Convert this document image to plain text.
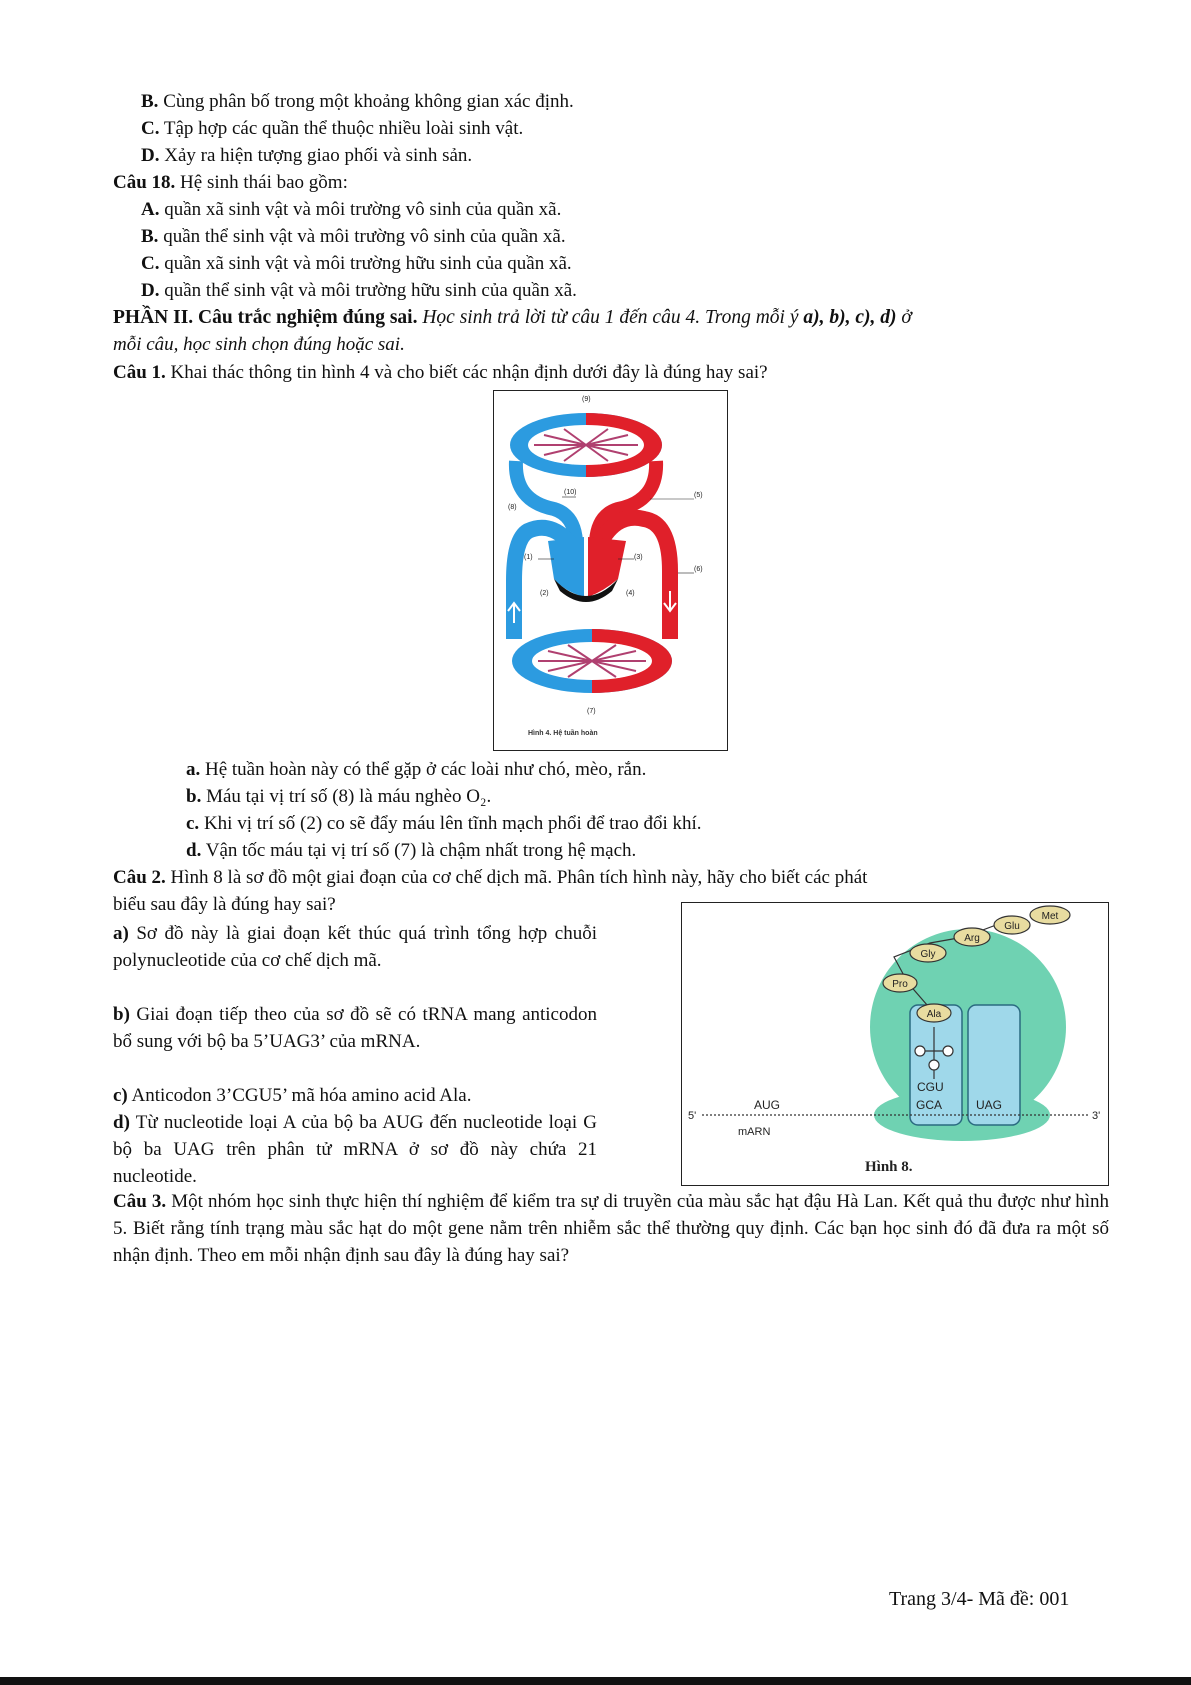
B. Cùng phân bố trong một khoảng không gian xác định.
C. Tập hợp các quần thể thuộc nhiều loài sinh vật.
D. Xảy ra hiện tượng giao phối và sinh sản.
Câu 18. Hệ sinh thái bao gồm:
A. quần xã sinh vật và môi trường vô sinh của quần xã.
B. quần thể sinh vật và môi trường vô sinh của quần xã.
C. quần xã sinh vật và môi trường hữu sinh của quần xã.
D. quần thể sinh vật và môi trường hữu sinh của quần xã.
PHẦN II. Câu trắc nghiệm đúng sai. Học sinh trả lời từ câu 1 đến câu 4. Trong mỗi ý a), b), c), d) ở
mỗi câu, học sinh chọn đúng hoặc sai.
Câu 1. Khai thác thông tin hình 4 và cho biết các nhận định dưới đây là đúng hay sai?
(9)
(10)	(5)
(8)
(1)	(3)
(6)
(2)	(4)
(7)
Hình 4. Hệ tuần hoàn
a. Hệ tuần hoàn này có thể gặp ở các loài như chó, mèo, rắn.
b. Máu tại vị trí số (8) là máu nghèo O₂.
c. Khi vị trí số (2) co sẽ đẩy máu lên tĩnh mạch phổi để trao đổi khí.
d. Vận tốc máu tại vị trí số (7) là chậm nhất trong hệ mạch.
Câu 2. Hình 8 là sơ đồ một giai đoạn của cơ chế dịch mã. Phân tích hình này, hãy cho biết các phát
biểu sau đây là đúng hay sai?
a) Sơ đồ này là giai đoạn kết thúc quá trình tổng hợp chuỗi polynucleotide của cơ chế dịch mã.
b) Giai đoạn tiếp theo của sơ đồ sẽ có tRNA mang anticodon bổ sung với bộ ba 5’UAG3’ của mRNA.
c) Anticodon 3’CGU5’ mã hóa amino acid Ala.
d) Từ nucleotide loại A của bộ ba AUG đến nucleotide loại G bộ ba UAG trên phân tử mRNA ở sơ đồ này chứa 21 nucleotide.
5'	3'
mARN
AUG	GCA
CGU
UAG
Met
Glu
Arg
Gly
Pro
Ala
Hình 8.
Câu 3. Một nhóm học sinh thực hiện thí nghiệm để kiểm tra sự di truyền của màu sắc hạt đậu Hà Lan. Kết quả thu được như hình 5. Biết rằng tính trạng màu sắc hạt do một gene nằm trên nhiễm sắc thể thường quy định. Các bạn học sinh đó đã đưa ra một số nhận định. Theo em mỗi nhận định sau đây là đúng hay sai?
Trang 3/4- Mã đề: 001
